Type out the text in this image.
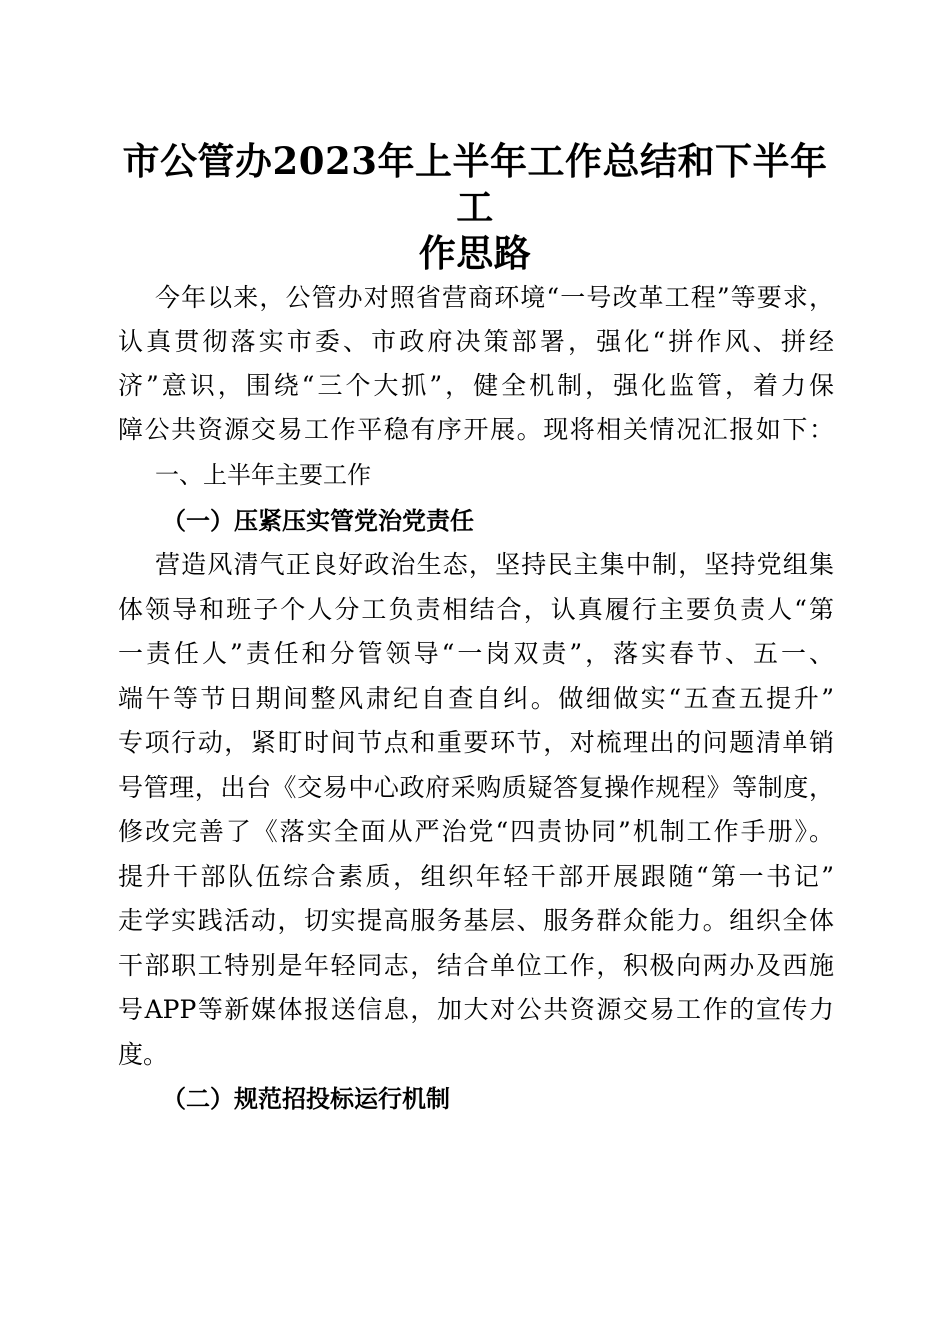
市公管办2023年上半年工作总结和下半年工
作思路
今年以来，公管办对照省营商环境“一号改革工程”等要求，
认真贯彻落实市委、市政府决策部署，强化“拼作风、拼经
济”意识，围绕“三个大抓”，健全机制，强化监管，着力保
障公共资源交易工作平稳有序开展。现将相关情况汇报如下：
一、上半年主要工作
（一）压紧压实管党治党责任
营造风清气正良好政治生态，坚持民主集中制，坚持党组集
体领导和班子个人分工负责相结合，认真履行主要负责人“第
一责任人”责任和分管领导“一岗双责”，落实春节、五一、
端午等节日期间整风肃纪自查自纠。做细做实“五查五提升”
专项行动，紧盯时间节点和重要环节，对梳理出的问题清单销
号管理，出台《交易中心政府采购质疑答复操作规程》等制度，
修改完善了《落实全面从严治党“四责协同”机制工作手册》。
提升干部队伍综合素质，组织年轻干部开展跟随“第一书记”
走学实践活动，切实提高服务基层、服务群众能力。组织全体
干部职工特别是年轻同志，结合单位工作，积极向两办及西施
号APP等新媒体报送信息，加大对公共资源交易工作的宣传力
度。
（二）规范招投标运行机制
